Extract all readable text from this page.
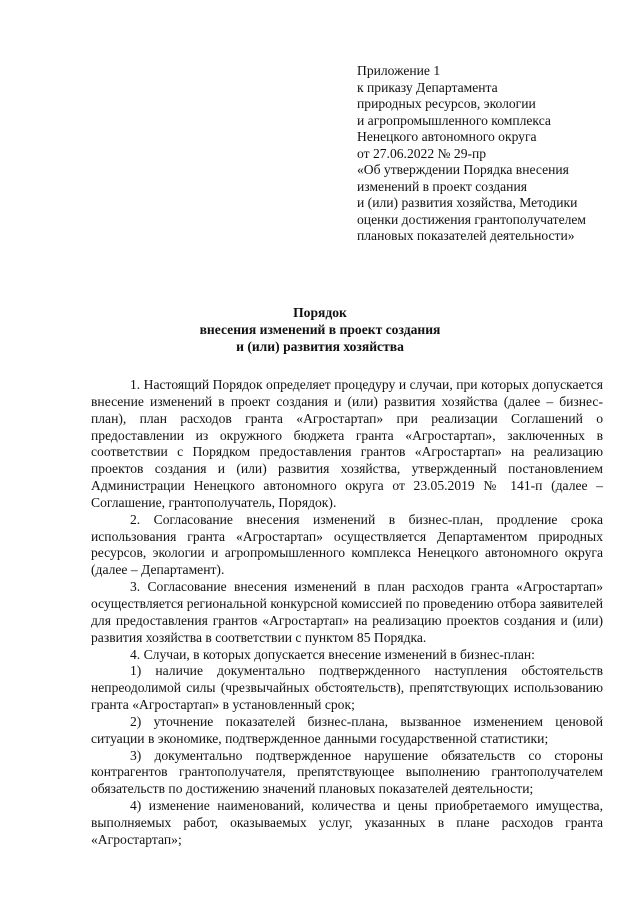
Приложение 1
к приказу Департамента
природных ресурсов, экологии
и агропромышленного комплекса
Ненецкого автономного округа
от 27.06.2022 № 29-пр
«Об утверждении Порядка внесения
изменений в проект создания
и (или) развития хозяйства, Методики
оценки достижения грантополучателем
плановых показателей деятельности»
Порядок
внесения изменений в проект создания
и (или) развития хозяйства

1. Настоящий Порядок определяет процедуру и случаи, при которых допускается внесение изменений в проект создания и (или) развития хозяйства (далее – бизнес-план), план расходов гранта «Агростартап» при реализации Соглашений о предоставлении из окружного бюджета гранта «Агростартап», заключенных в соответствии с Порядком предоставления грантов «Агростартап» на реализацию проектов создания и (или) развития хозяйства, утвержденный постановлением Администрации Ненецкого автономного округа от 23.05.2019 № 141-п (далее – Соглашение, грантополучатель, Порядок).

2. Согласование внесения изменений в бизнес-план, продление срока использования гранта «Агростартап» осуществляется Департаментом природных ресурсов, экологии и агропромышленного комплекса Ненецкого автономного округа (далее – Департамент).

3. Согласование внесения изменений в план расходов гранта «Агростартап» осуществляется региональной конкурсной комиссией по проведению отбора заявителей для предоставления грантов «Агростартап» на реализацию проектов создания и (или) развития хозяйства в соответствии с пунктом 85 Порядка.

4. Случаи, в которых допускается внесение изменений в бизнес-план:

1) наличие документально подтвержденного наступления обстоятельств непреодолимой силы (чрезвычайных обстоятельств), препятствующих использованию гранта «Агростартап» в установленный срок;

2) уточнение показателей бизнес-плана, вызванное изменением ценовой ситуации в экономике, подтвержденное данными государственной статистики;

3) документально подтвержденное нарушение обязательств со стороны контрагентов грантополучателя, препятствующее выполнению грантополучателем обязательств по достижению значений плановых показателей деятельности;

4) изменение наименований, количества и цены приобретаемого имущества, выполняемых работ, оказываемых услуг, указанных в плане расходов гранта «Агростартап»;
